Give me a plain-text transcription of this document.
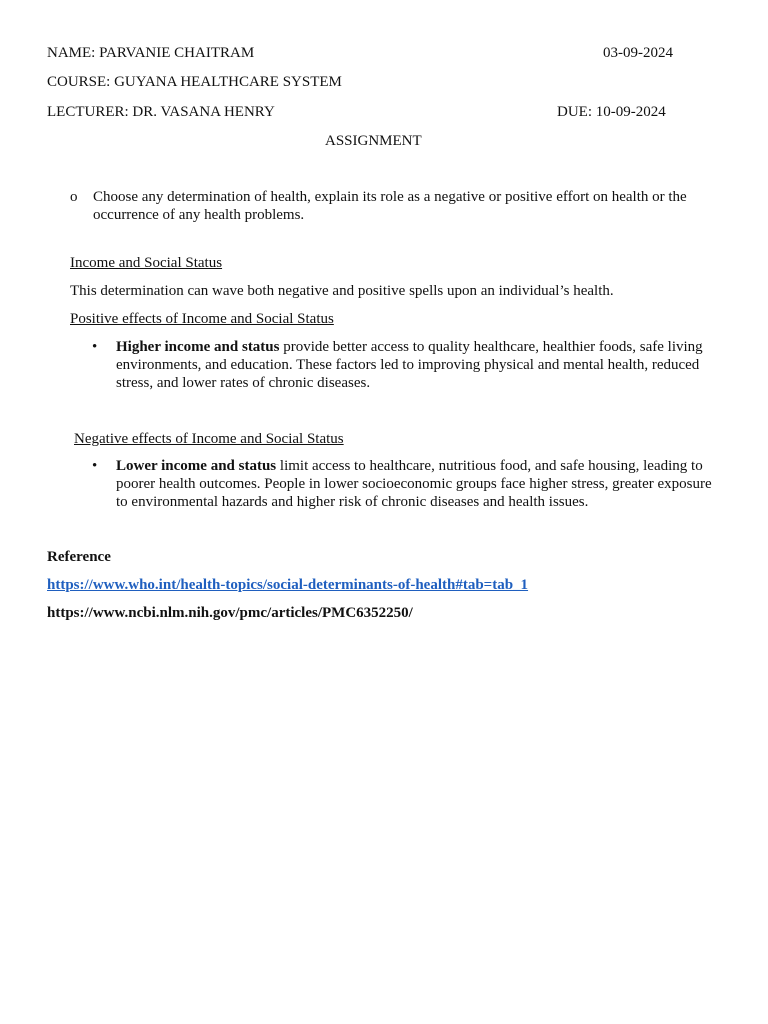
NAME: PARVANIE CHAITRAM	03-09-2024
COURSE: GUYANA HEALTHCARE SYSTEM
LECTURER: DR. VASANA HENRY	DUE: 10-09-2024
ASSIGNMENT
o Choose any determination of health, explain its role as a negative or positive effort on health or the occurrence of any health problems.
Income and Social Status
This determination can wave both negative and positive spells upon an individual’s health.
Positive effects of Income and Social Status
• Higher income and status provide better access to quality healthcare, healthier foods, safe living environments, and education. These factors led to improving physical and mental health, reduced stress, and lower rates of chronic diseases.
Negative effects of Income and Social Status
• Lower income and status limit access to healthcare, nutritious food, and safe housing, leading to poorer health outcomes. People in lower socioeconomic groups face higher stress, greater exposure to environmental hazards and higher risk of chronic diseases and health issues.
Reference
https://www.who.int/health-topics/social-determinants-of-health#tab=tab_1
https://www.ncbi.nlm.nih.gov/pmc/articles/PMC6352250/
